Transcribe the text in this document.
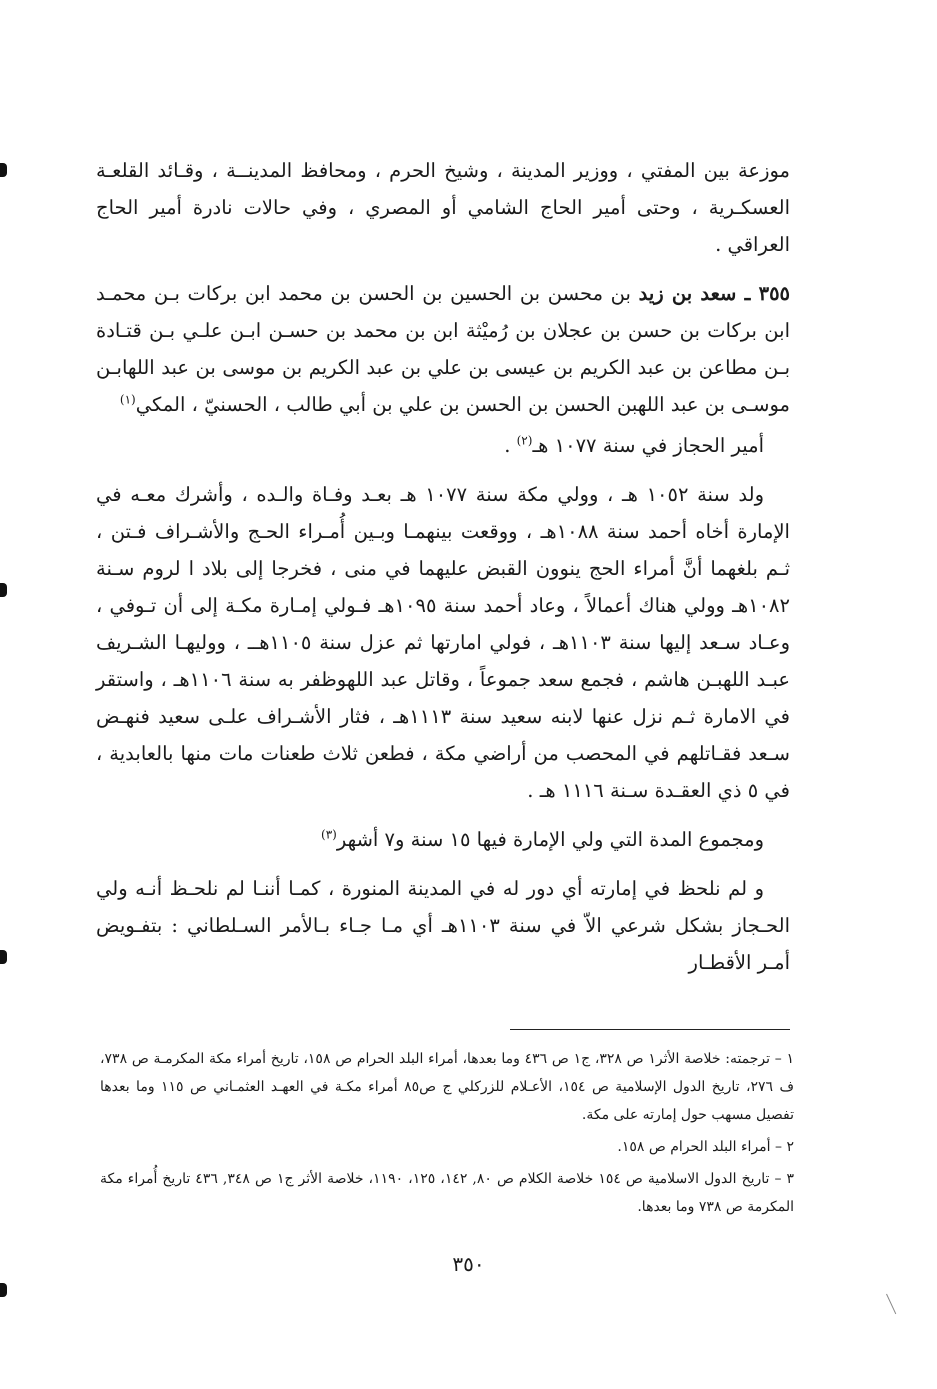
موزعة بين المفتي ، ووزير المدينة ، وشيخ الحرم ، ومحافظ المدينــة ، وقـائد القلعـة العسكـرية ، وحتى أمير الحاج الشامي أو المصري ، وفي حالات نادرة أمير الحاج العراقي .

٣٥٥ ـ سعد بن زيد بن محسن بن الحسين بن الحسن بن محمد ابن بركات بـن محمـد ابن بركات بن حسن بن عجلان بن رُميْثة ابن بن محمد بن حسـن ابـن علـي بـن قتـادة بـن مطاعن بن عبد الكريم بن عيسى بن علي بن عبد الكريم بن موسى بن عبد اللهابـن موسـى بن عبد اللهبن الحسن بن الحسن بن علي بن أبي طالب ، الحسنيّ ، المكي$^{(١)}$

أمير الحجاز في سنة ١٠٧٧ هـ$^{(٢)}$ .

ولد سنة ١٠٥٢ هـ ، وولي مكة سنة ١٠٧٧ هـ بعـد وفـاة والـده ، وأشرك معـه في الإمارة أخاه أحمد سنة ١٠٨٨هـ ، ووقعت بينهمـا وبـين أُمـراء الحـج والأشـراف فـتن ، ثـم بلغهما أنَّ أمراء الحج ينوون القبض عليهما في منى ، فخرجا إلى بلاد ا لروم سـنة ١٠٨٢هـ وولي هناك أعمالاً ، وعاد أحمد سنة ١٠٩٥هـ فـولي إمـارة مكـة إلى أن تـوفي ، وعـاد سـعد إليها سنة ١١٠٣هـ ، فولي امارتها ثم عزل سنة ١١٠٥هــ ، ووليهـا الشـريف عبـد اللهبـن هاشم ، فجمع سعد جموعاً ، وقاتل عبد اللهوظفر به سنة ١١٠٦هـ ، واستقر في الامارة ثـم نزل عنها لابنه سعيد سنة ١١١٣هـ ، فثار الأشـراف علـى سعيد فنهـض سـعد فقـاتلهم في المحصب من أراضي مكة ، فطعن ثلاث طعنات مات منها بالعابدية ، في ٥ ذي العقـدة سـنة ١١١٦ هـ .

ومجموع المدة التي ولي الإمارة فيها ١٥ سنة و٧ أشهر$^{(٣)}$

و لم نلحظ في إمارته أي دور له في المدينة المنورة ، كمـا أننـا لم نلحـظ أنـه ولي الحـجاز بشكل شرعي الاّ في سنة ١١٠٣هـ أي مـا جـاء بـالأمر السـلطاني : بتفـويض أمـر الأقطـار

١ – ترجمته: خلاصة الأثر١ ص ٣٢٨، ج١ ص ٤٣٦ وما بعدها، أمراء البلد الحرام ص ١٥٨، تاريخ أمراء مكة المكرمـة ص ٧٣٨، ف ٢٧٦، تاريخ الدول الإسلامية ص ١٥٤، الأعـلام للزركلي ج ص٨٥ أمراء مكـة في العهـد العثمـاني ص ١١٥ وما بعدها تفصيل مسهب حول إمارته على مكة.

٢ – أمراء البلد الحرام ص ١٥٨.

٣ – تاريخ الدول الاسلامية ص ١٥٤ خلاصة الكلام ص ٨٠, ١٤٢، ١٢٥، ١١٩٠، خلاصة الأثر ج١ ص ٣٤٨, ٤٣٦ تاريخ أُمراء مكة المكرمة ص ٧٣٨ وما بعدها.

٣٥٠
